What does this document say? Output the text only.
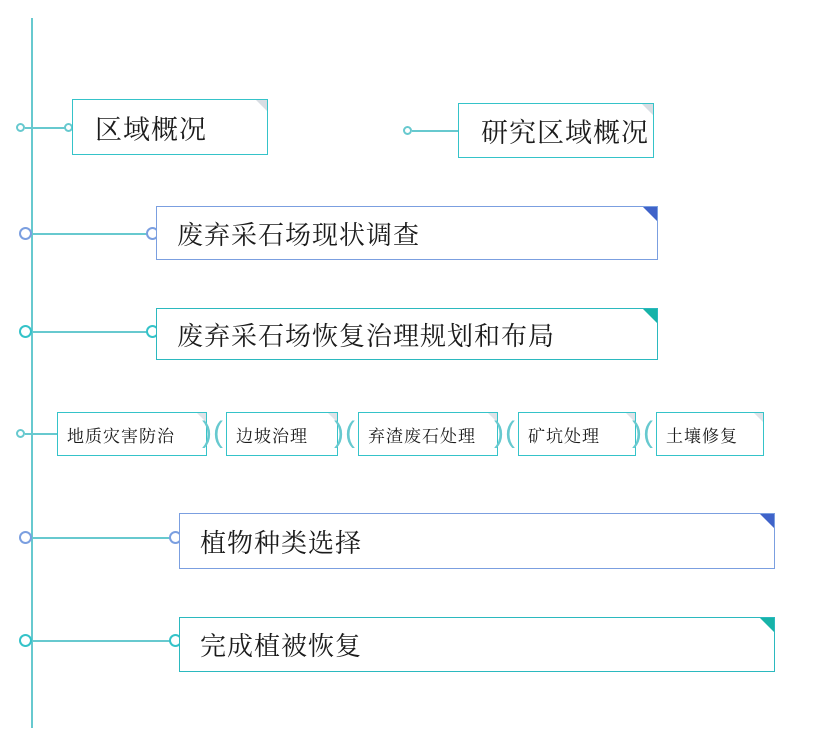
区域概况	研究区域概况
废弃采石场现状调查
废弃采石场恢复治理规划和布局
地质灾害防治 ) ( 边坡治理 ) ( 弃渣废石处理 ) ( 矿坑处理 ) ( 土壤修复
植物种类选择
完成植被恢复
